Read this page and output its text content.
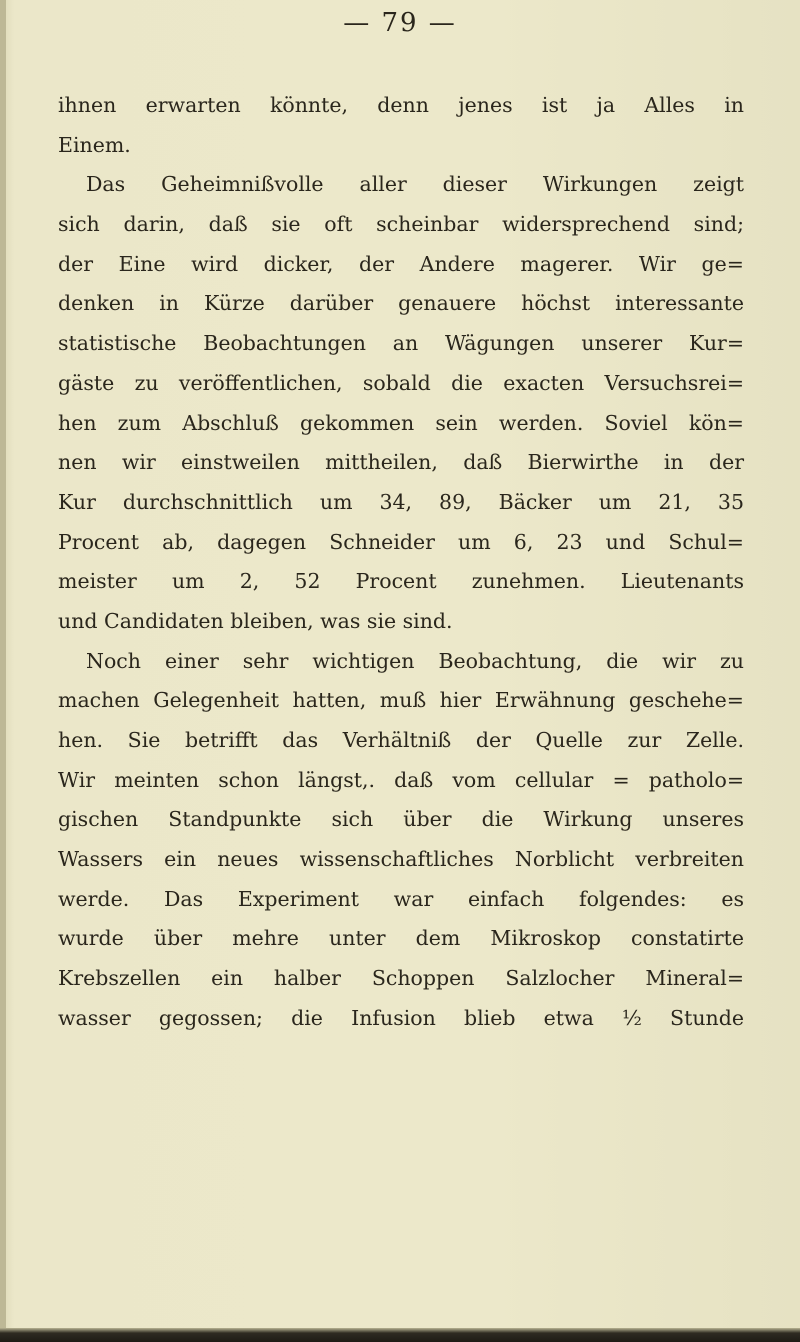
— 79 —
ihnen erwarten könnte, denn jenes ist ja Alles in
Einem.
Das Geheimnißvolle aller dieser Wirkungen zeigt
sich darin, daß sie oft scheinbar widersprechend sind;
der Eine wird dicker, der Andere magerer. Wir ge=
denken in Kürze darüber genauere höchst interessante
statistische Beobachtungen an Wägungen unserer Kur=
gäste zu veröffentlichen, sobald die exacten Versuchsrei=
hen zum Abschluß gekommen sein werden. Soviel kön=
nen wir einstweilen mittheilen, daß Bierwirthe in der
Kur durchschnittlich um 34, 89, Bäcker um 21, 35
Procent ab, dagegen Schneider um 6, 23 und Schul=
meister um 2, 52 Procent zunehmen. Lieutenants
und Candidaten bleiben, was sie sind.
Noch einer sehr wichtigen Beobachtung, die wir zu
machen Gelegenheit hatten, muß hier Erwähnung geschehe=
hen. Sie betrifft das Verhältniß der Quelle zur Zelle.
Wir meinten schon längst,. daß vom cellular = patholo=
gischen Standpunkte sich über die Wirkung unseres
Wassers ein neues wissenschaftliches Norblicht verbreiten
werde. Das Experiment war einfach folgendes: es
wurde über mehre unter dem Mikroskop constatirte
Krebszellen ein halber Schoppen Salzlocher Mineral=
wasser gegossen; die Infusion blieb etwa ½ Stunde
